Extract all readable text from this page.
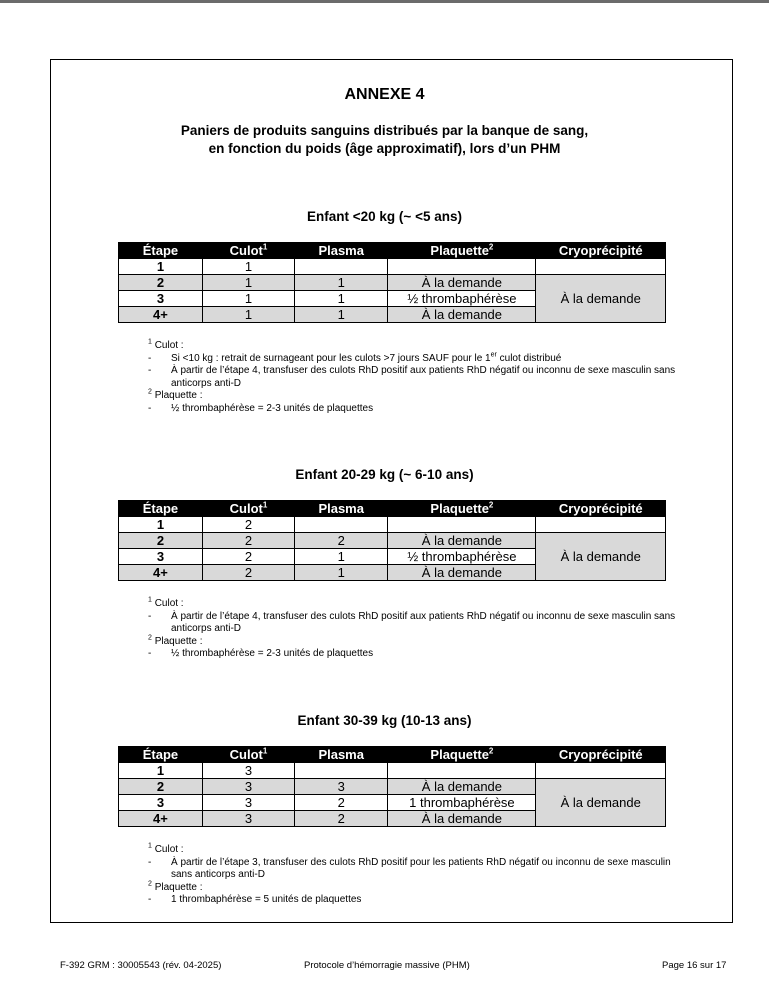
ANNEXE 4
Paniers de produits sanguins distribués par la banque de sang,
en fonction du poids (âge approximatif), lors d’un PHM
Enfant <20 kg (~ <5 ans)
Étape	Culot$^1$	Plasma	Plaquette$^2$	Cryoprécipité
1	1			
2	1	1	À la demande	À la demande
3	1	1	½ thrombaphérèse	
4+	1	1	À la demande	
$^1$ Culot :
- Si <10 kg : retrait de surnageant pour les culots >7 jours SAUF pour le 1er culot distribué
- À partir de l’étape 4, transfuser des culots RhD positif aux patients RhD négatif ou inconnu de sexe masculin sans anticorps anti-D
$^2$ Plaquette :
- ½ thrombaphérèse = 2-3 unités de plaquettes
Enfant 20-29 kg (~ 6-10 ans)
Étape	Culot$^1$	Plasma	Plaquette$^2$	Cryoprécipité
1	2			
2	2	2	À la demande	À la demande
3	2	1	½ thrombaphérèse	
4+	2	1	À la demande	
$^1$ Culot :
- À partir de l’étape 4, transfuser des culots RhD positif aux patients RhD négatif ou inconnu de sexe masculin sans anticorps anti-D
$^2$ Plaquette :
- ½ thrombaphérèse = 2-3 unités de plaquettes
Enfant 30-39 kg (10-13 ans)
Étape	Culot$^1$	Plasma	Plaquette$^2$	Cryoprécipité
1	3			
2	3	3	À la demande	À la demande
3	3	2	1 thrombaphérèse	
4+	3	2	À la demande	
$^1$ Culot :
- À partir de l’étape 3, transfuser des culots RhD positif pour les patients RhD négatif ou inconnu de sexe masculin sans anticorps anti-D
$^2$ Plaquette :
- 1 thrombaphérèse = 5 unités de plaquettes
F-392 GRM : 30005543 (rév. 04-2025)	Protocole d’hémorragie massive (PHM)	Page 16 sur 17
